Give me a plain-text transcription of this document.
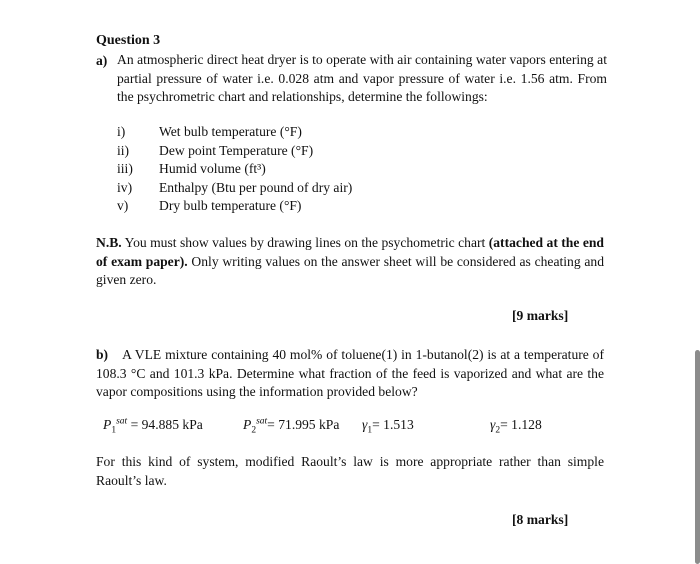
Question 3
a) An atmospheric direct heat dryer is to operate with air containing water vapors entering at partial pressure of water i.e. 0.028 atm and vapor pressure of water i.e. 1.56 atm. From the psychrometric chart and relationships, determine the followings:
i)	Wet bulb temperature (°F)
ii)	Dew point Temperature (°F)
iii)	Humid volume (ft³)
iv)	Enthalpy (Btu per pound of dry air)
v)	Dry bulb temperature (°F)
N.B. You must show values by drawing lines on the psychometric chart (attached at the end of exam paper). Only writing values on the answer sheet will be considered as cheating and given zero.
[9 marks]
b) A VLE mixture containing 40 mol% of toluene(1) in 1-butanol(2) is at a temperature of 108.3 °C and 101.3 kPa. Determine what fraction of the feed is vaporized and what are the vapor compositions using the information provided below?
$P_1^{sat} = 94.885$ kPa	$P_2^{sat}= 71.995$ kPa $\gamma_1= 1.513$	$\gamma_2= 1.128$
For this kind of system, modified Raoult’s law is more appropriate rather than simple Raoult’s law.
[8 marks]
